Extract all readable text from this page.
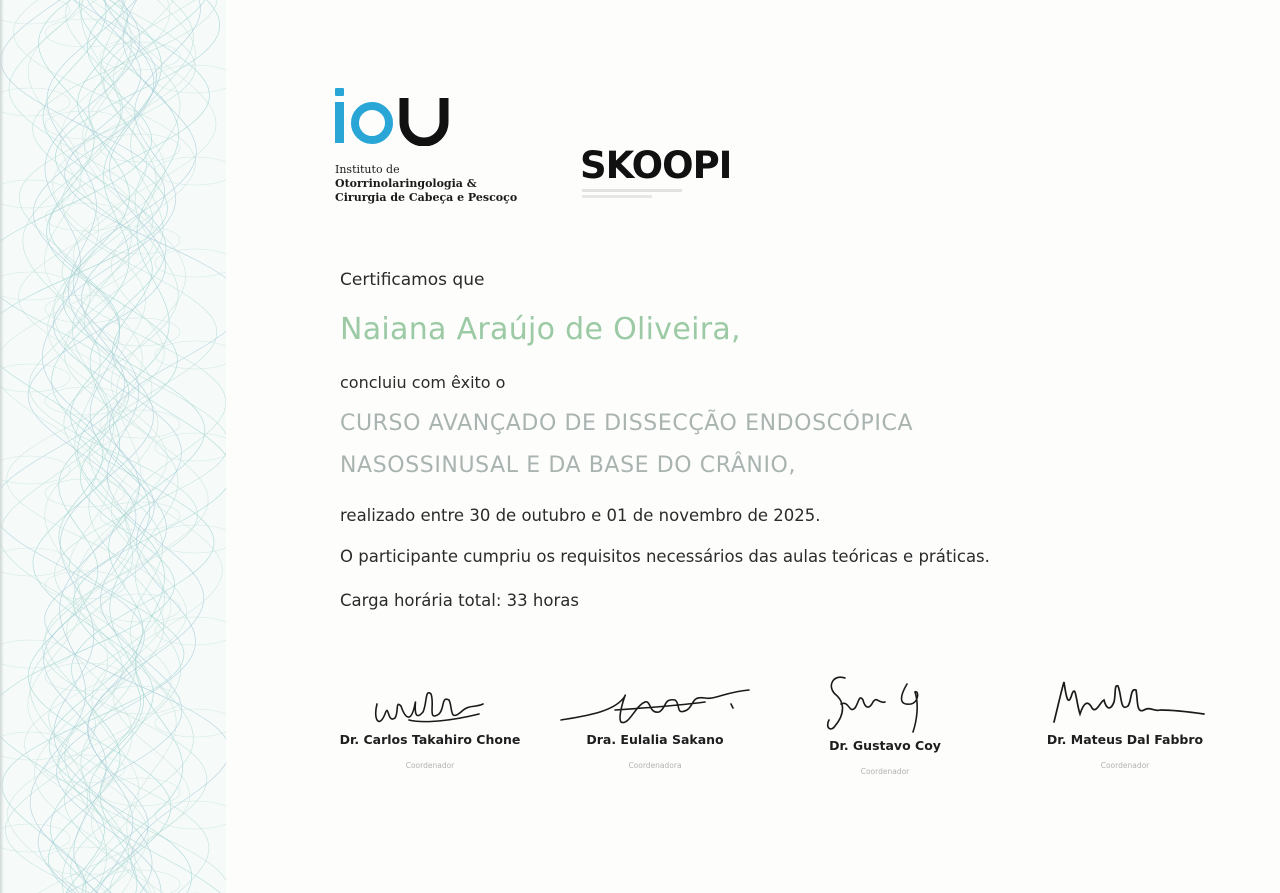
Instituto de
Otorrinolaringologia &
Cirurgia de Cabeça e Pescoço
SKOOPI
Certificamos que
Naiana Araújo de Oliveira,
concluiu com êxito o
CURSO AVANÇADO DE DISSECÇÃO ENDOSCÓPICA
NASOSSINUSAL E DA BASE DO CRÂNIO,
realizado entre 30 de outubro e 01 de novembro de 2025.
O participante cumpriu os requisitos necessários das aulas teóricas e práticas.
Carga horária total: 33 horas
Dr. Carlos Takahiro Chone
Coordenador
Dra. Eulalia Sakano
Coordenadora
Dr. Gustavo Coy
Coordenador
Dr. Mateus Dal Fabbro
Coordenador
